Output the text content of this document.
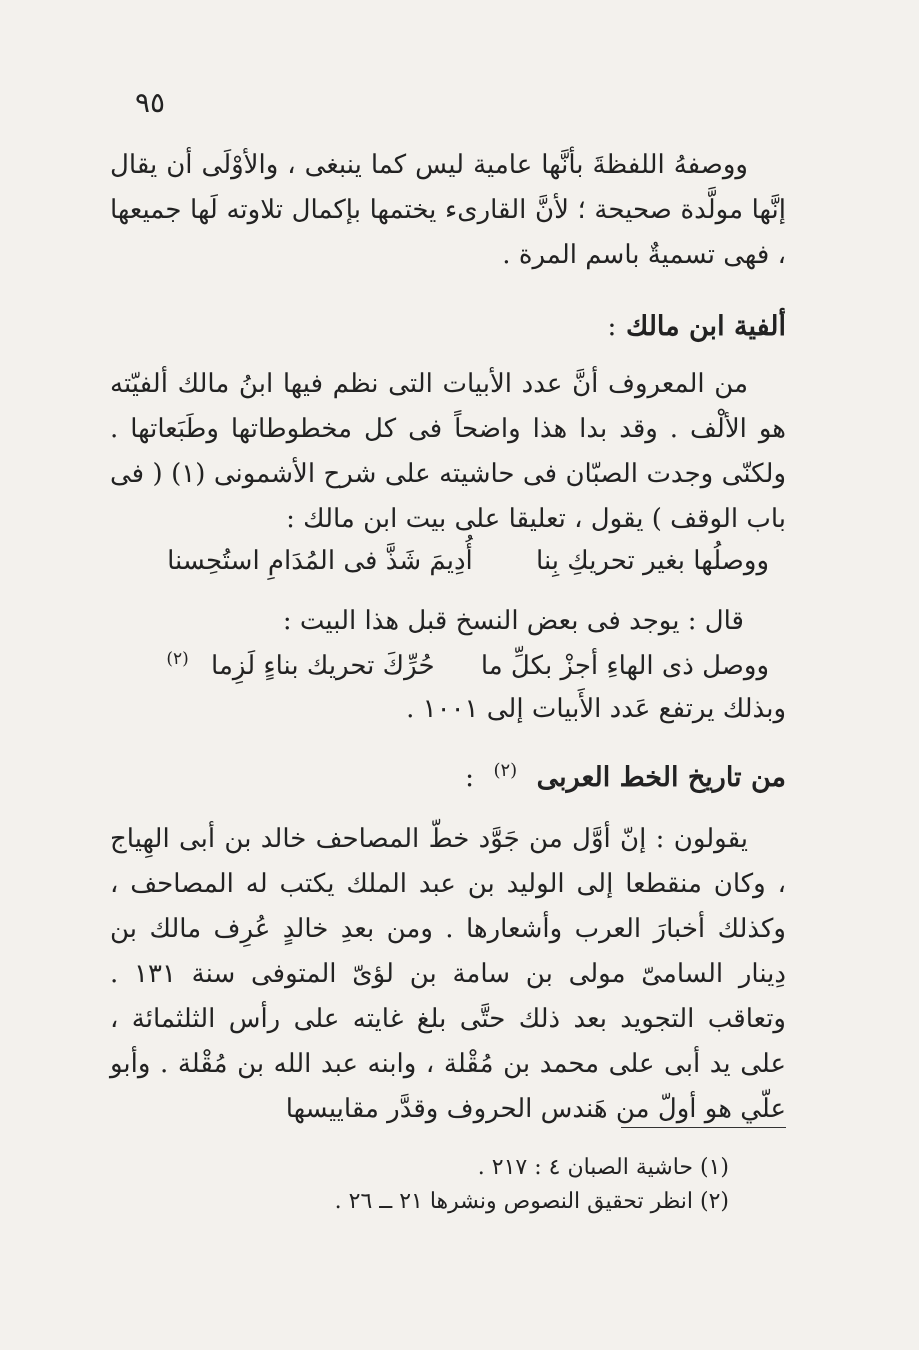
٩٥

ووصفهُ اللفظةَ بأنَّها عامية ليس كما ينبغى ، والأوْلَى أن يقال إنَّها مولَّدة صحيحة ؛ لأنَّ القارىء يختمها بإكمال تلاوته لَها جميعها ، فهى تسميةٌ باسم المرة .

ألفية ابن مالك :

من المعروف أنَّ عدد الأبيات التى نظم فيها ابنُ مالك ألفيّته هو الألْف . وقد بدا هذا واضحاً فى كل مخطوطاتها وطَبَعاتها . ولكنّى وجدت الصبّان فى حاشيته على شرح الأشمونى (١) ( فى باب الوقف ) يقول ، تعليقا على بيت ابن مالك :

ووصلُها بغير تحريكِ بِنا أُدِيمَ شَذَّ فى المُدَامِ استُحِسنا
قال : يوجد فى بعض النسخ قبل هذا البيت :
ووصل ذى الهاءِ أجزْ بكلِّ ما حُرِّكَ تحريك بناءٍ لَزِما $^{(٢)}$
وبذلك يرتفع عَدد الأَبيات إلى ١٠٠١ .
من تاريخ الخط العربى $^{(٢)}$ :

يقولون : إنّ أوَّل من جَوَّد خطّ المصاحف خالد بن أبى الهِياج ، وكان منقطعا إلى الوليد بن عبد الملك يكتب له المصاحف ، وكذلك أخبارَ العرب وأشعارها . ومن بعدِ خالدٍ عُرِف مالك بن دِينار السامىّ مولى بن سامة بن لؤىّ المتوفى سنة ١٣١ . وتعاقب التجويد بعد ذلك حتَّى بلغ غايته على رأس الثلثمائة ، على يد أبى على محمد بن مُقْلة ، وابنه عبد الله بن مُقْلة . وأبو علّي هو أولّ من هَندس الحروف وقدَّر مقاييسها

(١) حاشية الصبان ٤ : ٢١٧ .
(٢) انظر تحقيق النصوص ونشرها ٢١ ــ ٢٦ .
